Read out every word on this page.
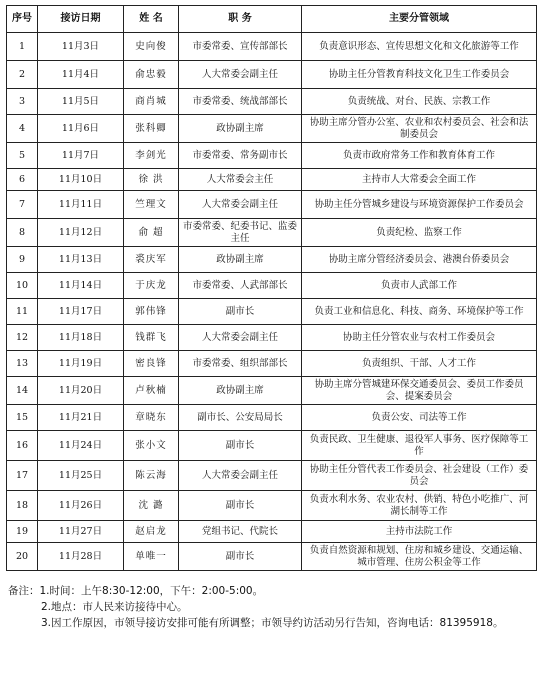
序号	接访日期	姓 名	职 务	主要分管领域
1	11月3日	史向俊	市委常委、宣传部部长	负责意识形态、宣传思想文化和文化旅游等工作
2	11月4日	俞忠毅	人大常委会副主任	协助主任分管教育科技文化卫生工作委员会
3	11月5日	商肖城	市委常委、统战部部长	负责统战、对台、民族、宗教工作
4	11月6日	张科卿	政协副主席	协助主席分管办公室、农业和农村委员会、社会和法制委员会
5	11月7日	李剑光	市委常委、常务副市长	负责市政府常务工作和教育体育工作
6	11月10日	徐 洪	人大常委会主任	主持市人大常委会全面工作
7	11月11日	竺理文	人大常委会副主任	协助主任分管城乡建设与环境资源保护工作委员会
8	11月12日	俞 超	市委常委、纪委书记、监委主任	负责纪检、监察工作
9	11月13日	裘庆军	政协副主席	协助主席分管经济委员会、港澳台侨委员会
10	11月14日	于庆龙	市委常委、人武部部长	负责市人武部工作
11	11月17日	郭伟锋	副市长	负责工业和信息化、科技、商务、环境保护等工作
12	11月18日	钱群飞	人大常委会副主任	协助主任分管农业与农村工作委员会
13	11月19日	密良锋	市委常委、组织部部长	负责组织、干部、人才工作
14	11月20日	卢秋楠	政协副主席	协助主席分管城建环保交通委员会、委员工作委员会、提案委员会
15	11月21日	章晓东	副市长、公安局局长	负责公安、司法等工作
16	11月24日	张小文	副市长	负责民政、卫生健康、退役军人事务、医疗保障等工作
17	11月25日	陈云海	人大常委会副主任	协助主任分管代表工作委员会、社会建设（工作）委员会
18	11月26日	沈 潞	副市长	负责水利水务、农业农村、供销、特色小吃推广、河湖长制等工作
19	11月27日	赵启龙	党组书记、代院长	主持市法院工作
20	11月28日	单唯一	副市长	负责自然资源和规划、住房和城乡建设、交通运输、城市管理、住房公积金等工作
备注：1.时间：上午8:30-12:00，下午：2:00-5:00。
2.地点：市人民来访接待中心。
3.因工作原因，市领导接访安排可能有所调整；市领导约访活动另行告知，咨询电话：81395918。
